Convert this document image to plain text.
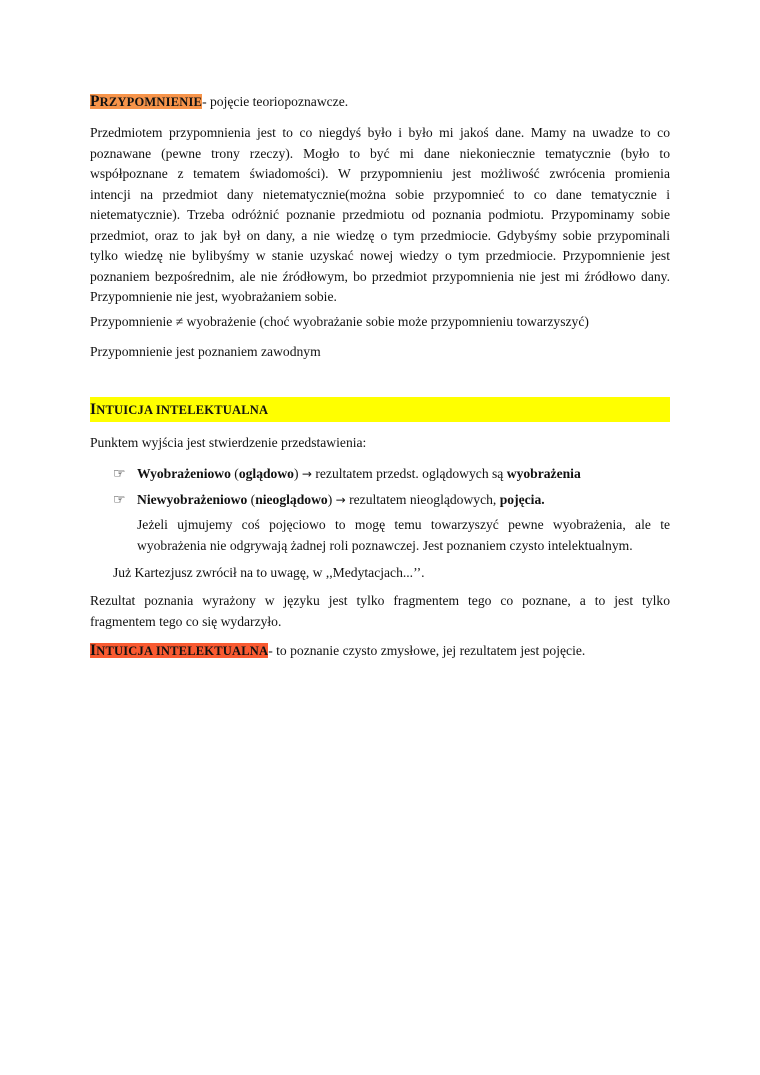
PRZYPOMNIENIE- pojęcie teoriopoznawcze.
Przedmiotem przypomnienia jest to co niegdyś było i było mi jakoś dane. Mamy na uwadze to co
poznawane (pewne trony rzeczy). Mogło to być mi dane niekoniecznie tematycznie (było to
współpoznane z tematem świadomości). W przypomnieniu jest możliwość zwrócenia promienia
intencji na przedmiot dany nietematycznie(można sobie przypomnieć to co dane tematycznie i
nietematycznie). Trzeba odróżnić poznanie przedmiotu od poznania podmiotu. Przypominamy sobie
przedmiot, oraz to jak był on dany, a nie wiedzę o tym przedmiocie. Gdybyśmy sobie przypominali
tylko wiedzę nie bylibyśmy w stanie uzyskać nowej wiedzy o tym przedmiocie. Przypomnienie jest
poznaniem bezpośrednim, ale nie źródłowym, bo przedmiot przypomnienia nie jest mi źródłowo dany.
Przypomnienie nie jest, wyobrażaniem sobie.
Przypomnienie ≠ wyobrażenie (choć wyobrażanie sobie może przypomnieniu towarzyszyć)
Przypomnienie jest poznaniem zawodnym
INTUICJA INTELEKTUALNA
Punktem wyjścia jest stwierdzenie przedstawienia:
☞ Wyobrażeniowo (oglądowo) → rezultatem przedst. oglądowych są wyobrażenia
☞ Niewyobrażeniowo (nieoglądowo) → rezultatem nieoglądowych, pojęcia.
Jeżeli ujmujemy coś pojęciowo to mogę temu towarzyszyć pewne wyobrażenia, ale te
wyobrażenia nie odgrywają żadnej roli poznawczej. Jest poznaniem czysto intelektualnym.
Już Kartezjusz zwrócił na to uwagę, w ,,Medytacjach...’’.
Rezultat poznania wyrażony w języku jest tylko fragmentem tego co poznane, a to jest tylko
fragmentem tego co się wydarzyło.
INTUICJA INTELEKTUALNA- to poznanie czysto zmysłowe, jej rezultatem jest pojęcie.
